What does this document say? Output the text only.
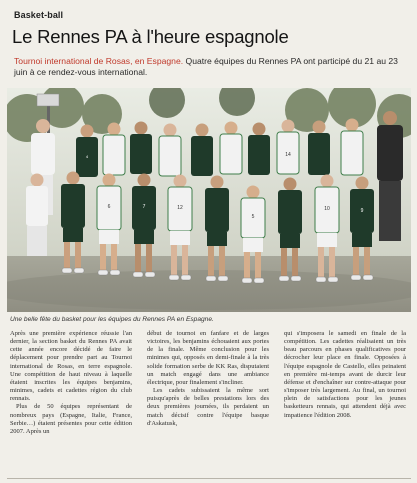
Basket-ball
Le Rennes PA à l'heure espagnole
Tournoi international de Rosas, en Espagne. Quatre équipes du Rennes PA ont participé du 21 au 23 juin à ce rendez-vous international.
4	14
6	7	12
5
10	9
Une belle fête du basket pour les équipes du Rennes PA en Espagne.

Après une première expérience réussie l'an dernier, la section basket du Rennes PA avait cette année encore décidé de faire le déplacement pour prendre part au Tournoi international de Rosas, en terre espagnole. Une compétition de haut niveau à laquelle étaient inscrites les équipes benjamins, minimes, cadets et cadettes région du club rennais.

Plus de 50 équipes représentant de nombreux pays (Espagne, Italie, France, Serbie…) étaient présentes pour cette édition 2007. Après un

début de tournoi en fanfare et de larges victoires, les benjamins échouaient aux portes de la finale. Même conclusion pour les minimes qui, opposés en demi-finale à la très solide formation serbe de KK Ras, disputaient un match engagé dans une ambiance électrique, pour finalement s'incliner.

Les cadets subissaient la même sort puisqu'après de belles prestations lors des deux premières journées, ils perdaient un match décisif contre l'équipe basque d'Askatusk,

qui s'imposera le samedi en finale de la compétition. Les cadettes réalisaient un très beau parcours en phases qualificatives pour décrocher leur place en finale. Opposées à l'équipe espagnole de Castello, elles peinaient en première mi-temps avant de durcir leur défense et d'enchaîner sur contre-attaque pour s'imposer très largement. Au final, un tournoi plein de satisfactions pour les jeunes basketteurs rennais, qui attendent déjà avec impatience l'édition 2008.
